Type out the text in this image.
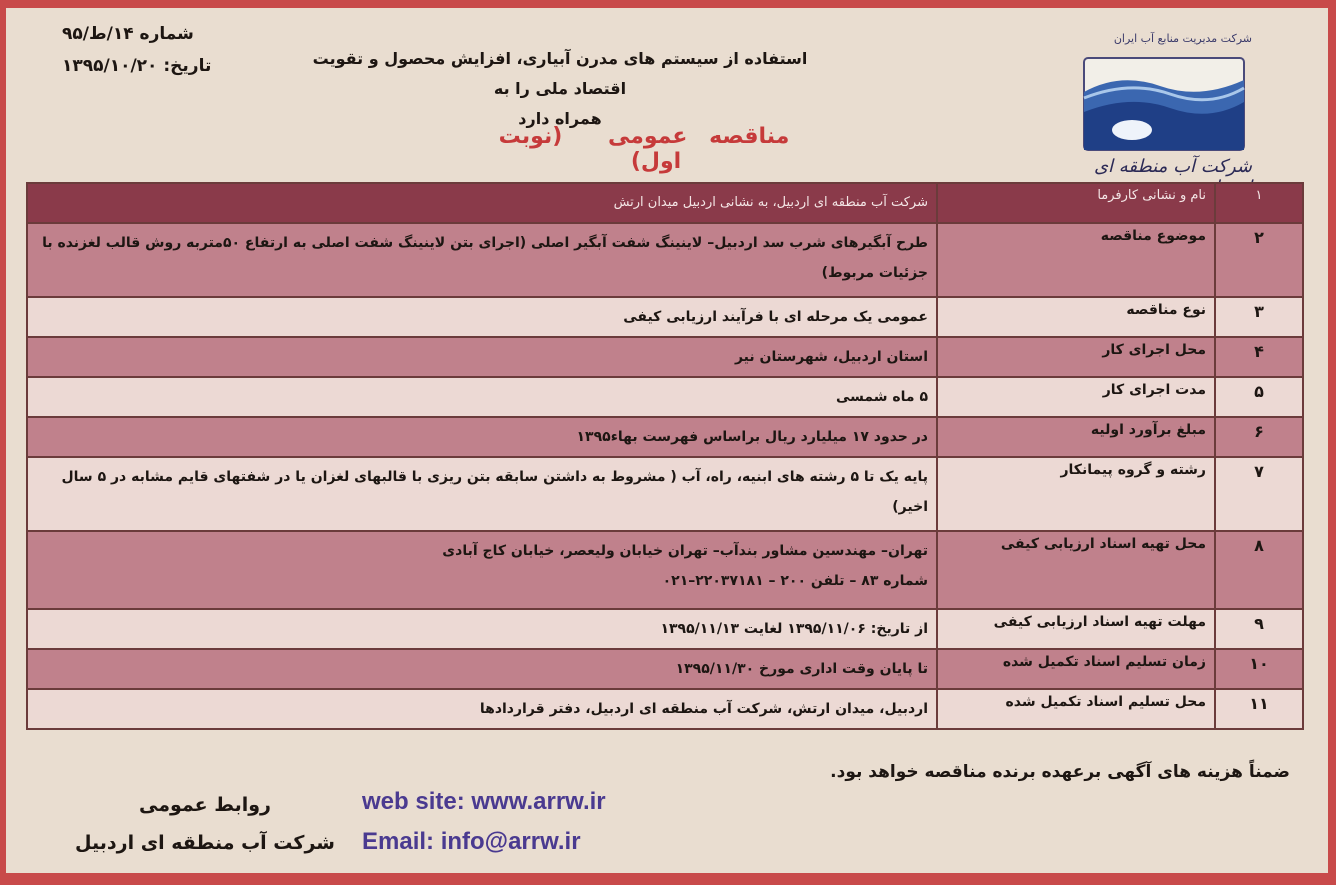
شماره ۱۴/ط/۹۵
تاریخ: ۱۳۹۵/۱۰/۲۰	استفاده از سیستم های مدرن آبیاری، افزایش محصول و تقویت اقتصاد ملی را به
همراه دارد
مناقصه عمومی (نوبت اول)
شرکت مدیریت منابع آب ایران
شرکت آب منطقه ای
۱	نام و نشانی کارفرما	شرکت آب منطقه ای اردبیل، به نشانی اردبیل میدان ارتش
۲	موضوع مناقصه	طرح آبگیرهای شرب سد اردبیل– لاینینگ شفت آبگیر اصلی (اجرای بتن لاینینگ شفت اصلی به ارتفاع ۵۰متربه روش قالب لغزنده با جزئیات مربوط)
۳	نوع مناقصه	عمومی یک مرحله ای با فرآیند ارزیابی کیفی
۴	محل اجرای کار	استان اردبیل، شهرستان نیر
۵	مدت اجرای کار	۵ ماه شمسی
۶	مبلغ برآورد اولیه	در حدود ۱۷ میلیارد ریال براساس فهرست بهاء۱۳۹۵
۷	رشته و گروه پیمانکار	پایه یک تا ۵ رشته های ابنیه، راه، آب ( مشروط به داشتن سابقه بتن ریزی با قالبهای لغزان یا در شفتهای قایم مشابه در ۵ سال اخیر)
۸	محل تهیه اسناد ارزیابی کیفی	تهران– مهندسین مشاور بندآب– تهران خیابان ولیعصر، خیابان کاج آبادی
شماره ۸۳ – تلفن ۲۰۰ – ۲۲۰۳۷۱۸۱–۰۲۱

۹	مهلت تهیه اسناد ارزیابی کیفی	از تاریخ: ۱۳۹۵/۱۱/۰۶ لغایت ۱۳۹۵/۱۱/۱۳
۱۰	زمان تسلیم اسناد تکمیل شده	تا پایان وقت اداری مورخ ۱۳۹۵/۱۱/۳۰
۱۱	محل تسلیم اسناد تکمیل شده	اردبیل، میدان ارتش، شرکت آب منطقه ای اردبیل، دفتر قراردادها
ضمناً هزینه های آگهی برعهده برنده مناقصه خواهد بود.
web site: www.arrw.ir
Email: info@arrw.ir
روابط عمومی
شرکت آب منطقه ای اردبیل
